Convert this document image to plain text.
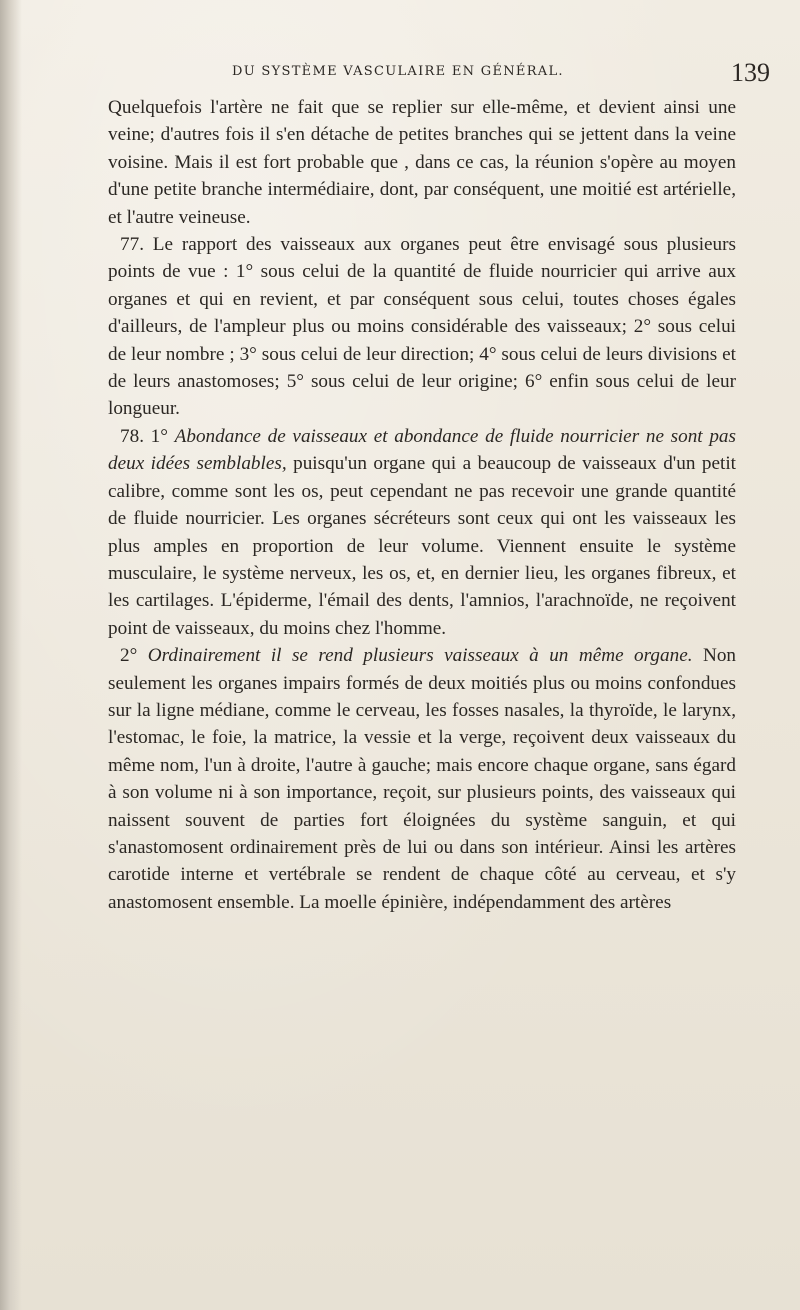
DU SYSTÈME VASCULAIRE EN GÉNÉRAL.	139

Quelquefois l'artère ne fait que se replier sur elle-même, et devient ainsi une veine; d'autres fois il s'en détache de petites branches qui se jettent dans la veine voisine. Mais il est fort probable que , dans ce cas, la réunion s'opère au moyen d'une petite branche intermédiaire, dont, par conséquent, une moitié est artérielle, et l'autre veineuse.

77. Le rapport des vaisseaux aux organes peut être envisagé sous plusieurs points de vue : 1° sous celui de la quantité de fluide nourricier qui arrive aux organes et qui en revient, et par conséquent sous celui, toutes choses égales d'ailleurs, de l'ampleur plus ou moins considérable des vaisseaux; 2° sous celui de leur nombre ; 3° sous celui de leur direction; 4° sous celui de leurs divisions et de leurs anastomoses; 5° sous celui de leur origine; 6° enfin sous celui de leur longueur.

78. 1° Abondance de vaisseaux et abondance de fluide nourricier ne sont pas deux idées semblables, puisqu'un organe qui a beaucoup de vaisseaux d'un petit calibre, comme sont les os, peut cependant ne pas recevoir une grande quantité de fluide nourricier. Les organes sécréteurs sont ceux qui ont les vaisseaux les plus amples en proportion de leur volume. Viennent ensuite le système musculaire, le système nerveux, les os, et, en dernier lieu, les organes fibreux, et les cartilages. L'épiderme, l'émail des dents, l'amnios, l'arachnoïde, ne reçoivent point de vaisseaux, du moins chez l'homme.

2° Ordinairement il se rend plusieurs vaisseaux à un même organe. Non seulement les organes impairs formés de deux moitiés plus ou moins confondues sur la ligne médiane, comme le cerveau, les fosses nasales, la thyroïde, le larynx, l'estomac, le foie, la matrice, la vessie et la verge, reçoivent deux vaisseaux du même nom, l'un à droite, l'autre à gauche; mais encore chaque organe, sans égard à son volume ni à son importance, reçoit, sur plusieurs points, des vaisseaux qui naissent souvent de parties fort éloignées du système sanguin, et qui s'anastomosent ordinairement près de lui ou dans son intérieur. Ainsi les artères carotide interne et vertébrale se rendent de chaque côté au cerveau, et s'y anastomosent ensemble. La moelle épinière, indépendamment des artères
